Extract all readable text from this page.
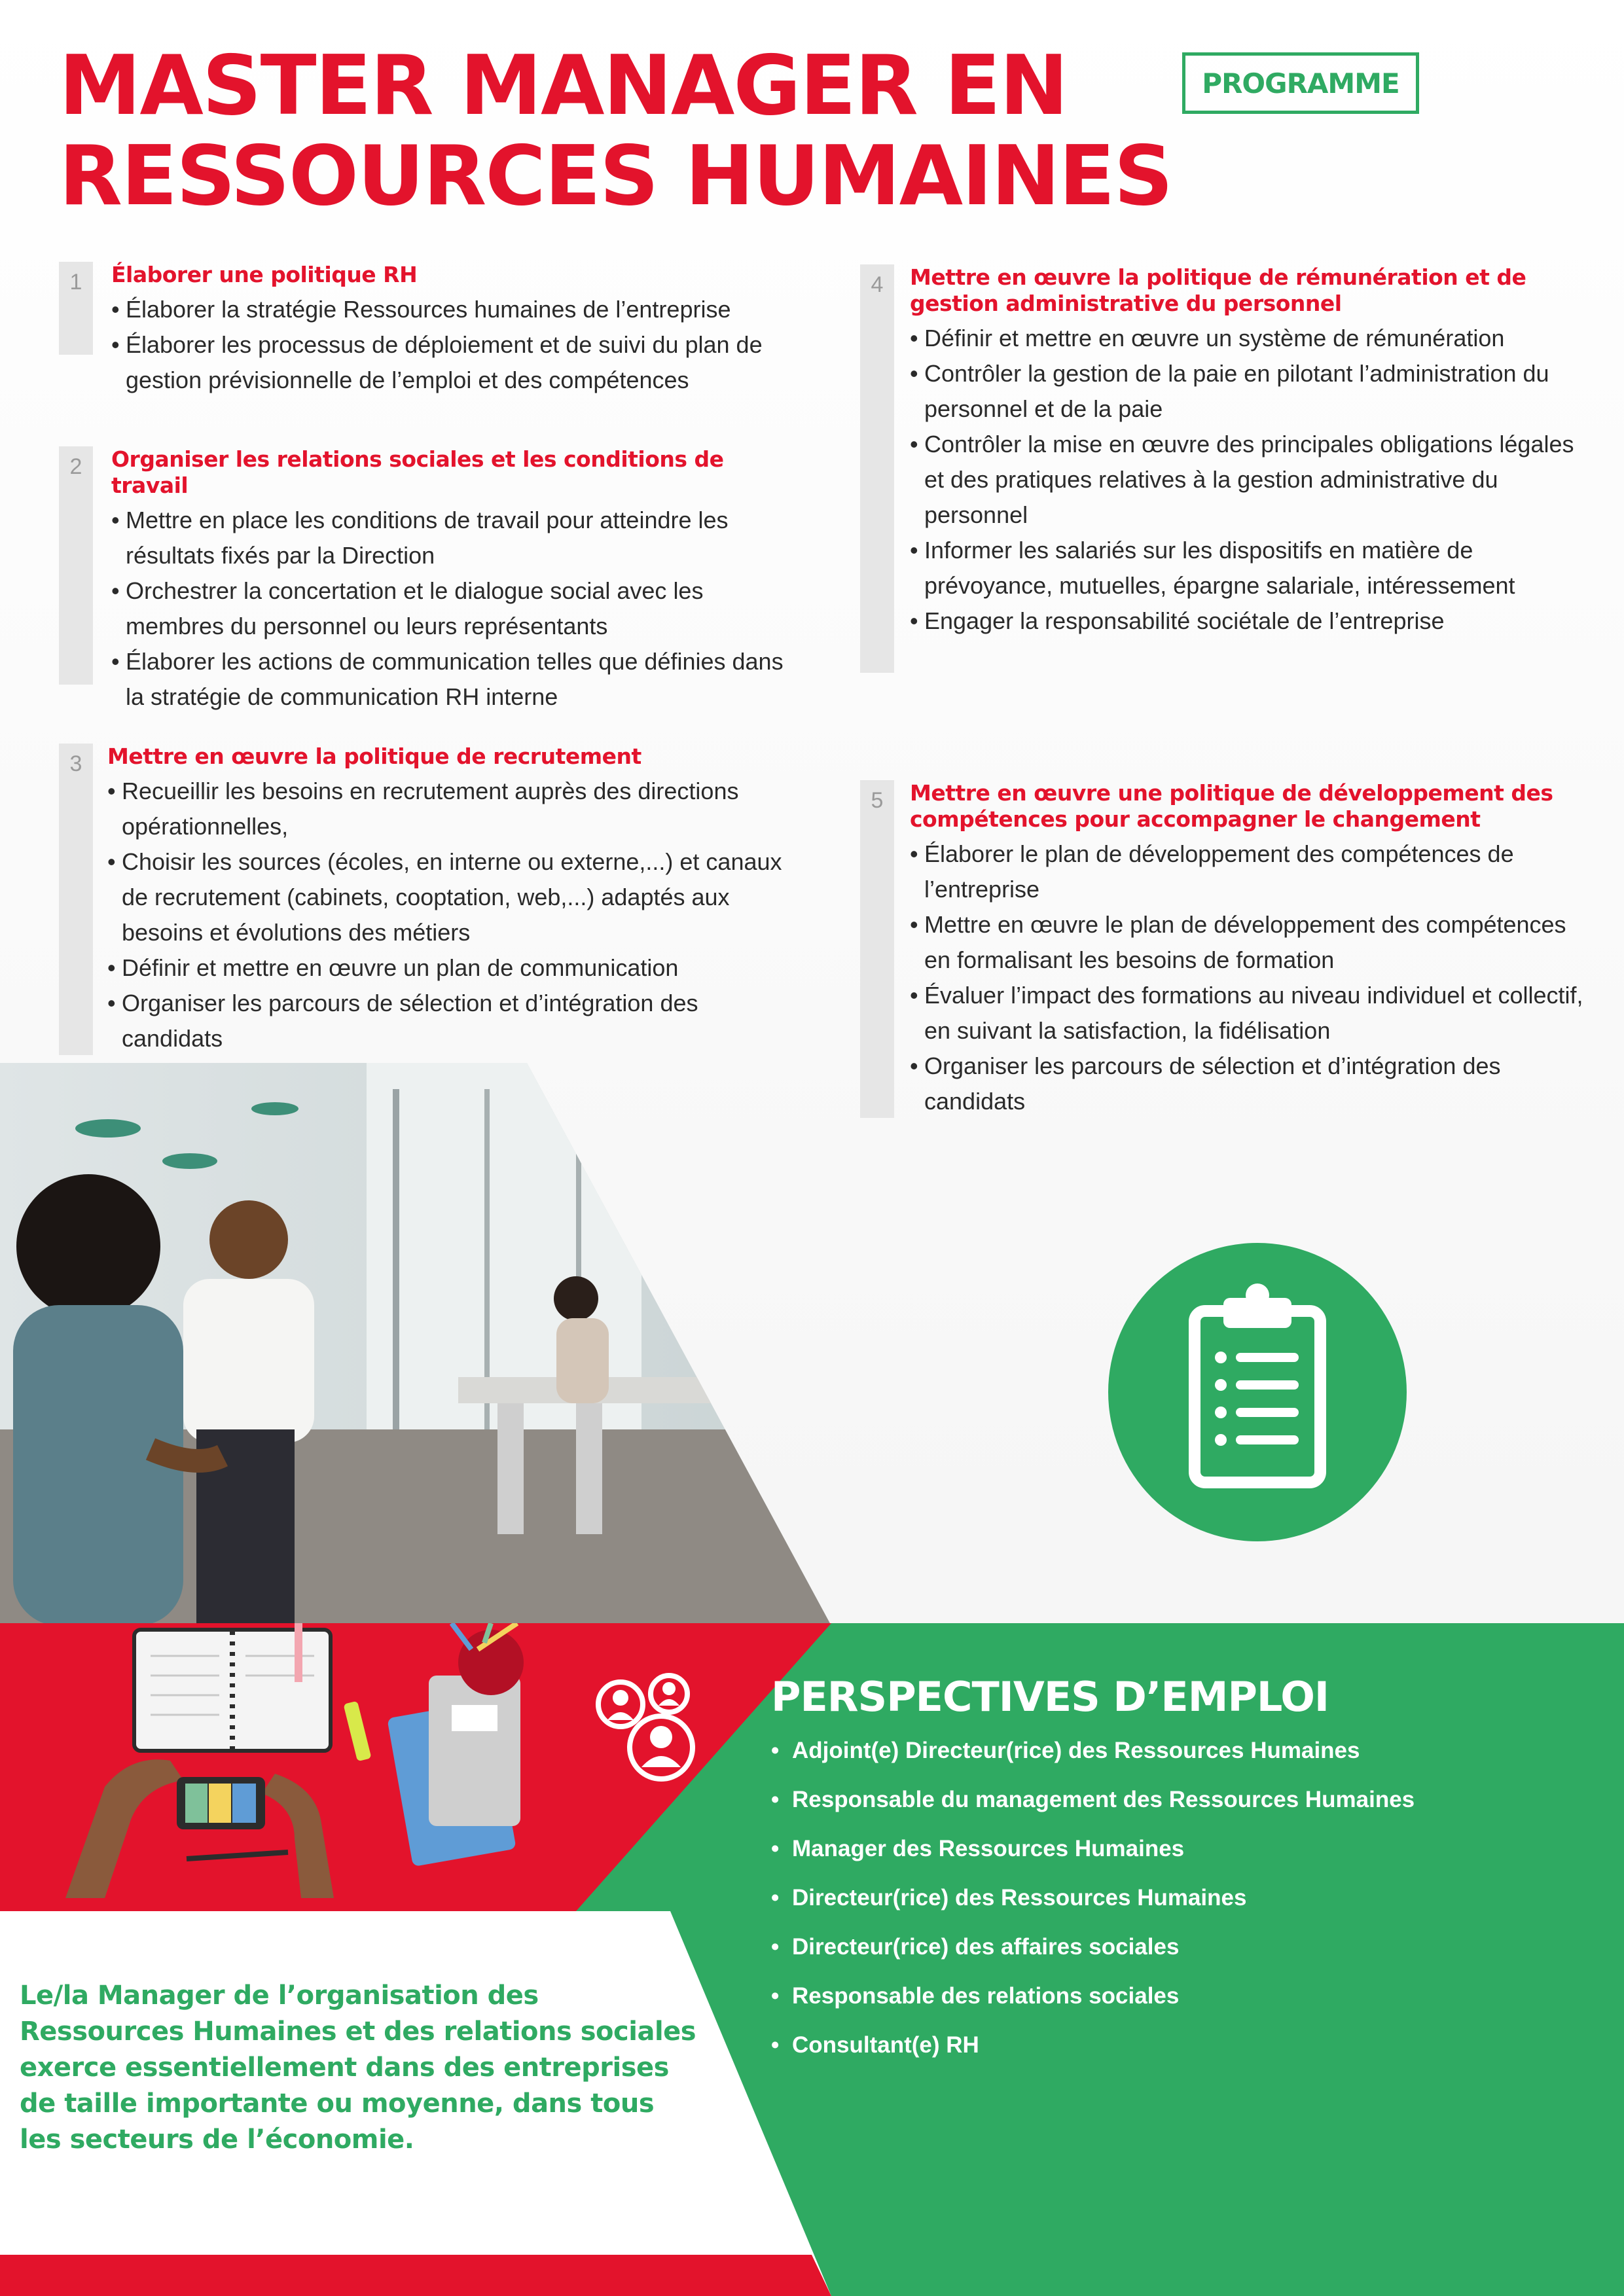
MASTER MANAGER EN
RESSOURCES HUMAINES
PROGRAMME
1	Élaborer une politique RH
• Élaborer la stratégie Ressources humaines de l’entreprise
• Élaborer les processus de déploiement et de suivi du plan de gestion prévisionnelle de l’emploi et des compétences
2	Organiser les relations sociales et les conditions de travail
• Mettre en place les conditions de travail pour atteindre les résultats fixés par la Direction
• Orchestrer la concertation et le dialogue social avec les membres du personnel ou leurs représentants
• Élaborer les actions de communication telles que définies dans la stratégie de communication RH interne
3	Mettre en œuvre la politique de recrutement
• Recueillir les besoins en recrutement auprès des directions opérationnelles,
• Choisir les sources (écoles, en interne ou externe,...) et canaux de recrutement (cabinets, cooptation, web,...) adaptés aux besoins et évolutions des métiers
• Définir et mettre en œuvre un plan de communication
• Organiser les parcours de sélection et d’intégration des candidats
4	Mettre en œuvre la politique de rémunération et de gestion administrative du personnel
• Définir et mettre en œuvre un système de rémunération
• Contrôler la gestion de la paie en pilotant l’administration du personnel et de la paie
• Contrôler la mise en œuvre des principales obligations légales et des pratiques relatives à la gestion administrative du personnel
• Informer les salariés sur les dispositifs en matière de prévoyance, mutuelles, épargne salariale, intéressement
• Engager la responsabilité sociétale de l’entreprise
5	Mettre en œuvre une politique de développement des compétences pour accompagner le changement
• Élaborer le plan de développement des compétences de l’entreprise
• Mettre en œuvre le plan de développement des compétences en formalisant les besoins de formation
• Évaluer l’impact des formations au niveau individuel et collectif, en suivant la satisfaction, la fidélisation
• Organiser les parcours de sélection et d’intégration des candidats
PERSPECTIVES D’EMPLOI
• Adjoint(e) Directeur(rice) des Ressources Humaines
• Responsable du management des Ressources Humaines
• Manager des Ressources Humaines
• Directeur(rice) des Ressources Humaines
• Directeur(rice) des affaires sociales
• Responsable des relations sociales
• Consultant(e) RH
Le/la Manager de l’organisation des Ressources Humaines et des relations sociales exerce essentiellement dans des entreprises de taille importante ou moyenne, dans tous les secteurs de l’économie.
